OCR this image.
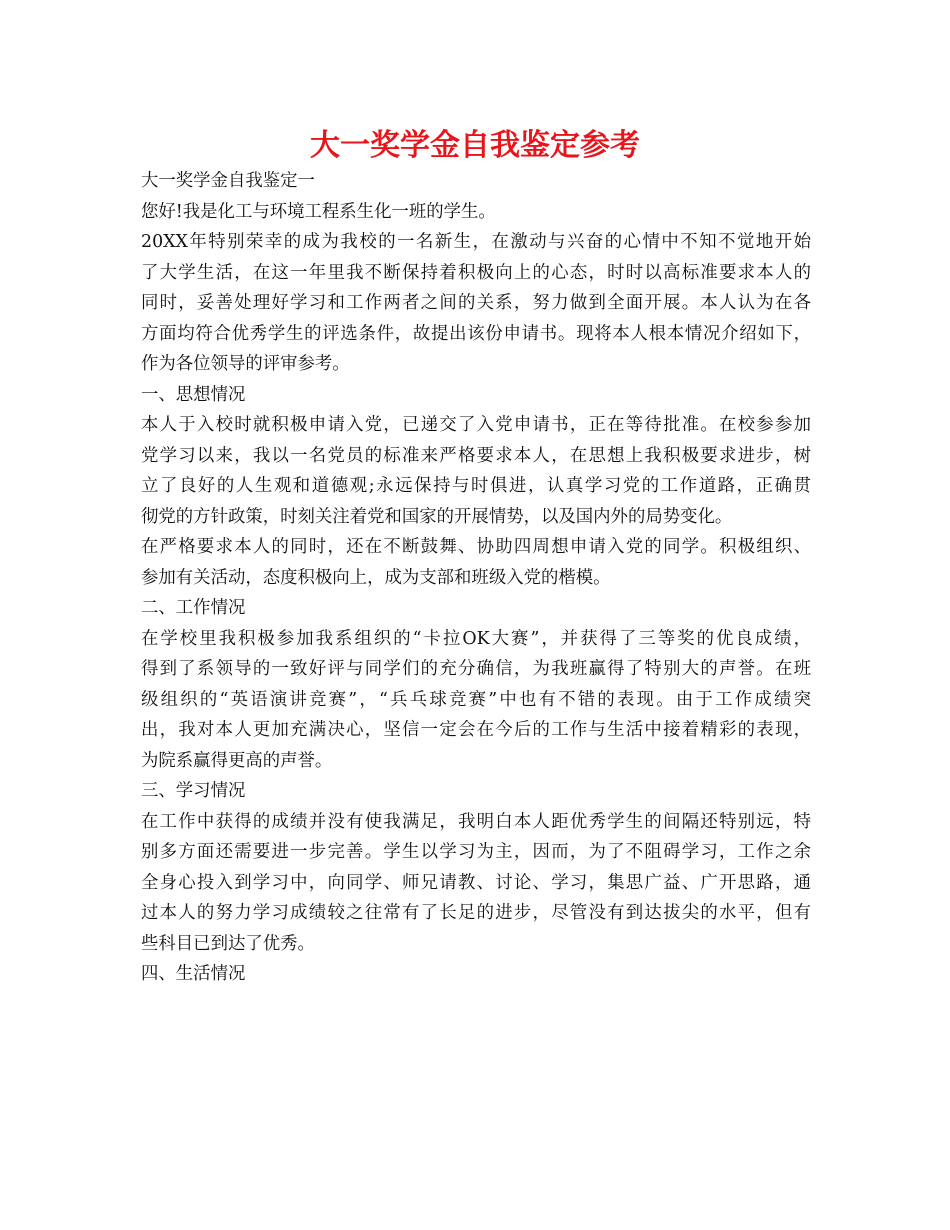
大一奖学金自我鉴定参考
大一奖学金自我鉴定一
您好!我是化工与环境工程系生化一班的学生。
20XX年特别荣幸的成为我校的一名新生，在激动与兴奋的心情中不知不觉地开始
了大学生活，在这一年里我不断保持着积极向上的心态，时时以高标准要求本人的
同时，妥善处理好学习和工作两者之间的关系，努力做到全面开展。本人认为在各
方面均符合优秀学生的评选条件，故提出该份申请书。现将本人根本情况介绍如下，
作为各位领导的评审参考。
一、思想情况
本人于入校时就积极申请入党，已递交了入党申请书，正在等待批准。在校参参加
党学习以来，我以一名党员的标准来严格要求本人，在思想上我积极要求进步，树
立了良好的人生观和道德观;永远保持与时俱进，认真学习党的工作道路，正确贯
彻党的方针政策，时刻关注着党和国家的开展情势，以及国内外的局势变化。
在严格要求本人的同时，还在不断鼓舞、协助四周想申请入党的同学。积极组织、
参加有关活动，态度积极向上，成为支部和班级入党的楷模。
二、工作情况
在学校里我积极参加我系组织的“卡拉OK大赛”，并获得了三等奖的优良成绩，
得到了系领导的一致好评与同学们的充分确信，为我班赢得了特别大的声誉。在班
级组织的“英语演讲竞赛”，“兵乓球竞赛”中也有不错的表现。由于工作成绩突
出，我对本人更加充满决心，坚信一定会在今后的工作与生活中接着精彩的表现，
为院系赢得更高的声誉。
三、学习情况
在工作中获得的成绩并没有使我满足，我明白本人距优秀学生的间隔还特别远，特
别多方面还需要进一步完善。学生以学习为主，因而，为了不阻碍学习，工作之余
全身心投入到学习中，向同学、师兄请教、讨论、学习，集思广益、广开思路，通
过本人的努力学习成绩较之往常有了长足的进步，尽管没有到达拔尖的水平，但有
些科目已到达了优秀。
四、生活情况
